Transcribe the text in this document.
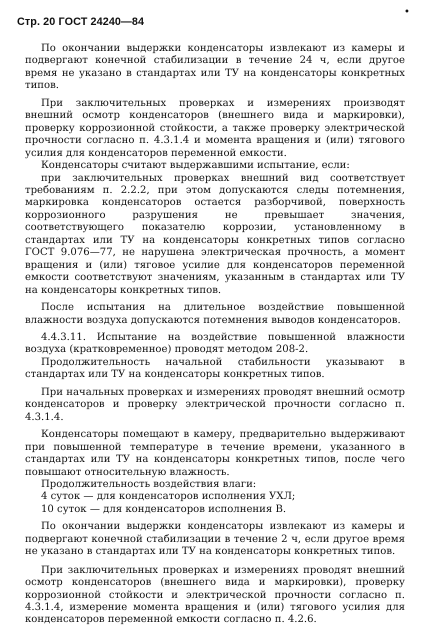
Стр. 20 ГОСТ 24240—84
•

По окончании выдержки конденсаторы извлекают из камеры и подвергают конечной стабилизации в течение 24 ч, если другое время не указано в стандартах или ТУ на конденсаторы конкретных типов.

При заключительных проверках и измерениях производят внешний осмотр конденсаторов (внешнего вида и маркировки), проверку коррозионной стойкости, а также проверку электрической прочности согласно п. 4.3.1.4 и момента вращения и (или) тягового усилия для конденсаторов переменной емкости.

Конденсаторы считают выдержавшими испытание, если:

при заключительных проверках внешний вид соответствует требованиям п. 2.2.2, при этом допускаются следы потемнения, маркировка конденсаторов остается разборчивой, поверхность коррозионного разрушения не превышает значения, соответствующего показателю коррозии, установленному в стандартах или ТУ на конденсаторы конкретных типов согласно ГОСТ 9.076—77, не нарушена электрическая прочность, а момент вращения и (или) тяговое усилие для конденсаторов переменной емкости соответствуют значениям, указанным в стандартах или ТУ на конденсаторы конкретных типов.

После испытания на длительное воздействие повышенной влажности воздуха допускаются потемнения выводов конденсаторов.

4.4.3.11. Испытание на воздействие повышенной влажности воздуха (кратковременное) проводят методом 208-2.

Продолжительность начальной стабильности указывают в стандартах или ТУ на конденсаторы конкретных типов.

При начальных проверках и измерениях проводят внешний осмотр конденсаторов и проверку электрической прочности согласно п. 4.3.1.4.

Конденсаторы помещают в камеру, предварительно выдерживают при повышенной температуре в течение времени, указанного в стандартах или ТУ на конденсаторы конкретных типов, после чего повышают относительную влажность.

Продолжительность воздействия влаги:

4 суток — для конденсаторов исполнения УХЛ;

10 суток — для конденсаторов исполнения В.

По окончании выдержки конденсаторы извлекают из камеры и подвергают конечной стабилизации в течение 2 ч, если другое время не указано в стандартах или ТУ на конденсаторы конкретных типов.

При заключительных проверках и измерениях проводят внешний осмотр конденсаторов (внешнего вида и маркировки), проверку коррозионной стойкости и электрической прочности согласно п. 4.3.1.4, измерение момента вращения и (или) тягового усилия для конденсаторов переменной емкости согласно п. 4.2.6.
